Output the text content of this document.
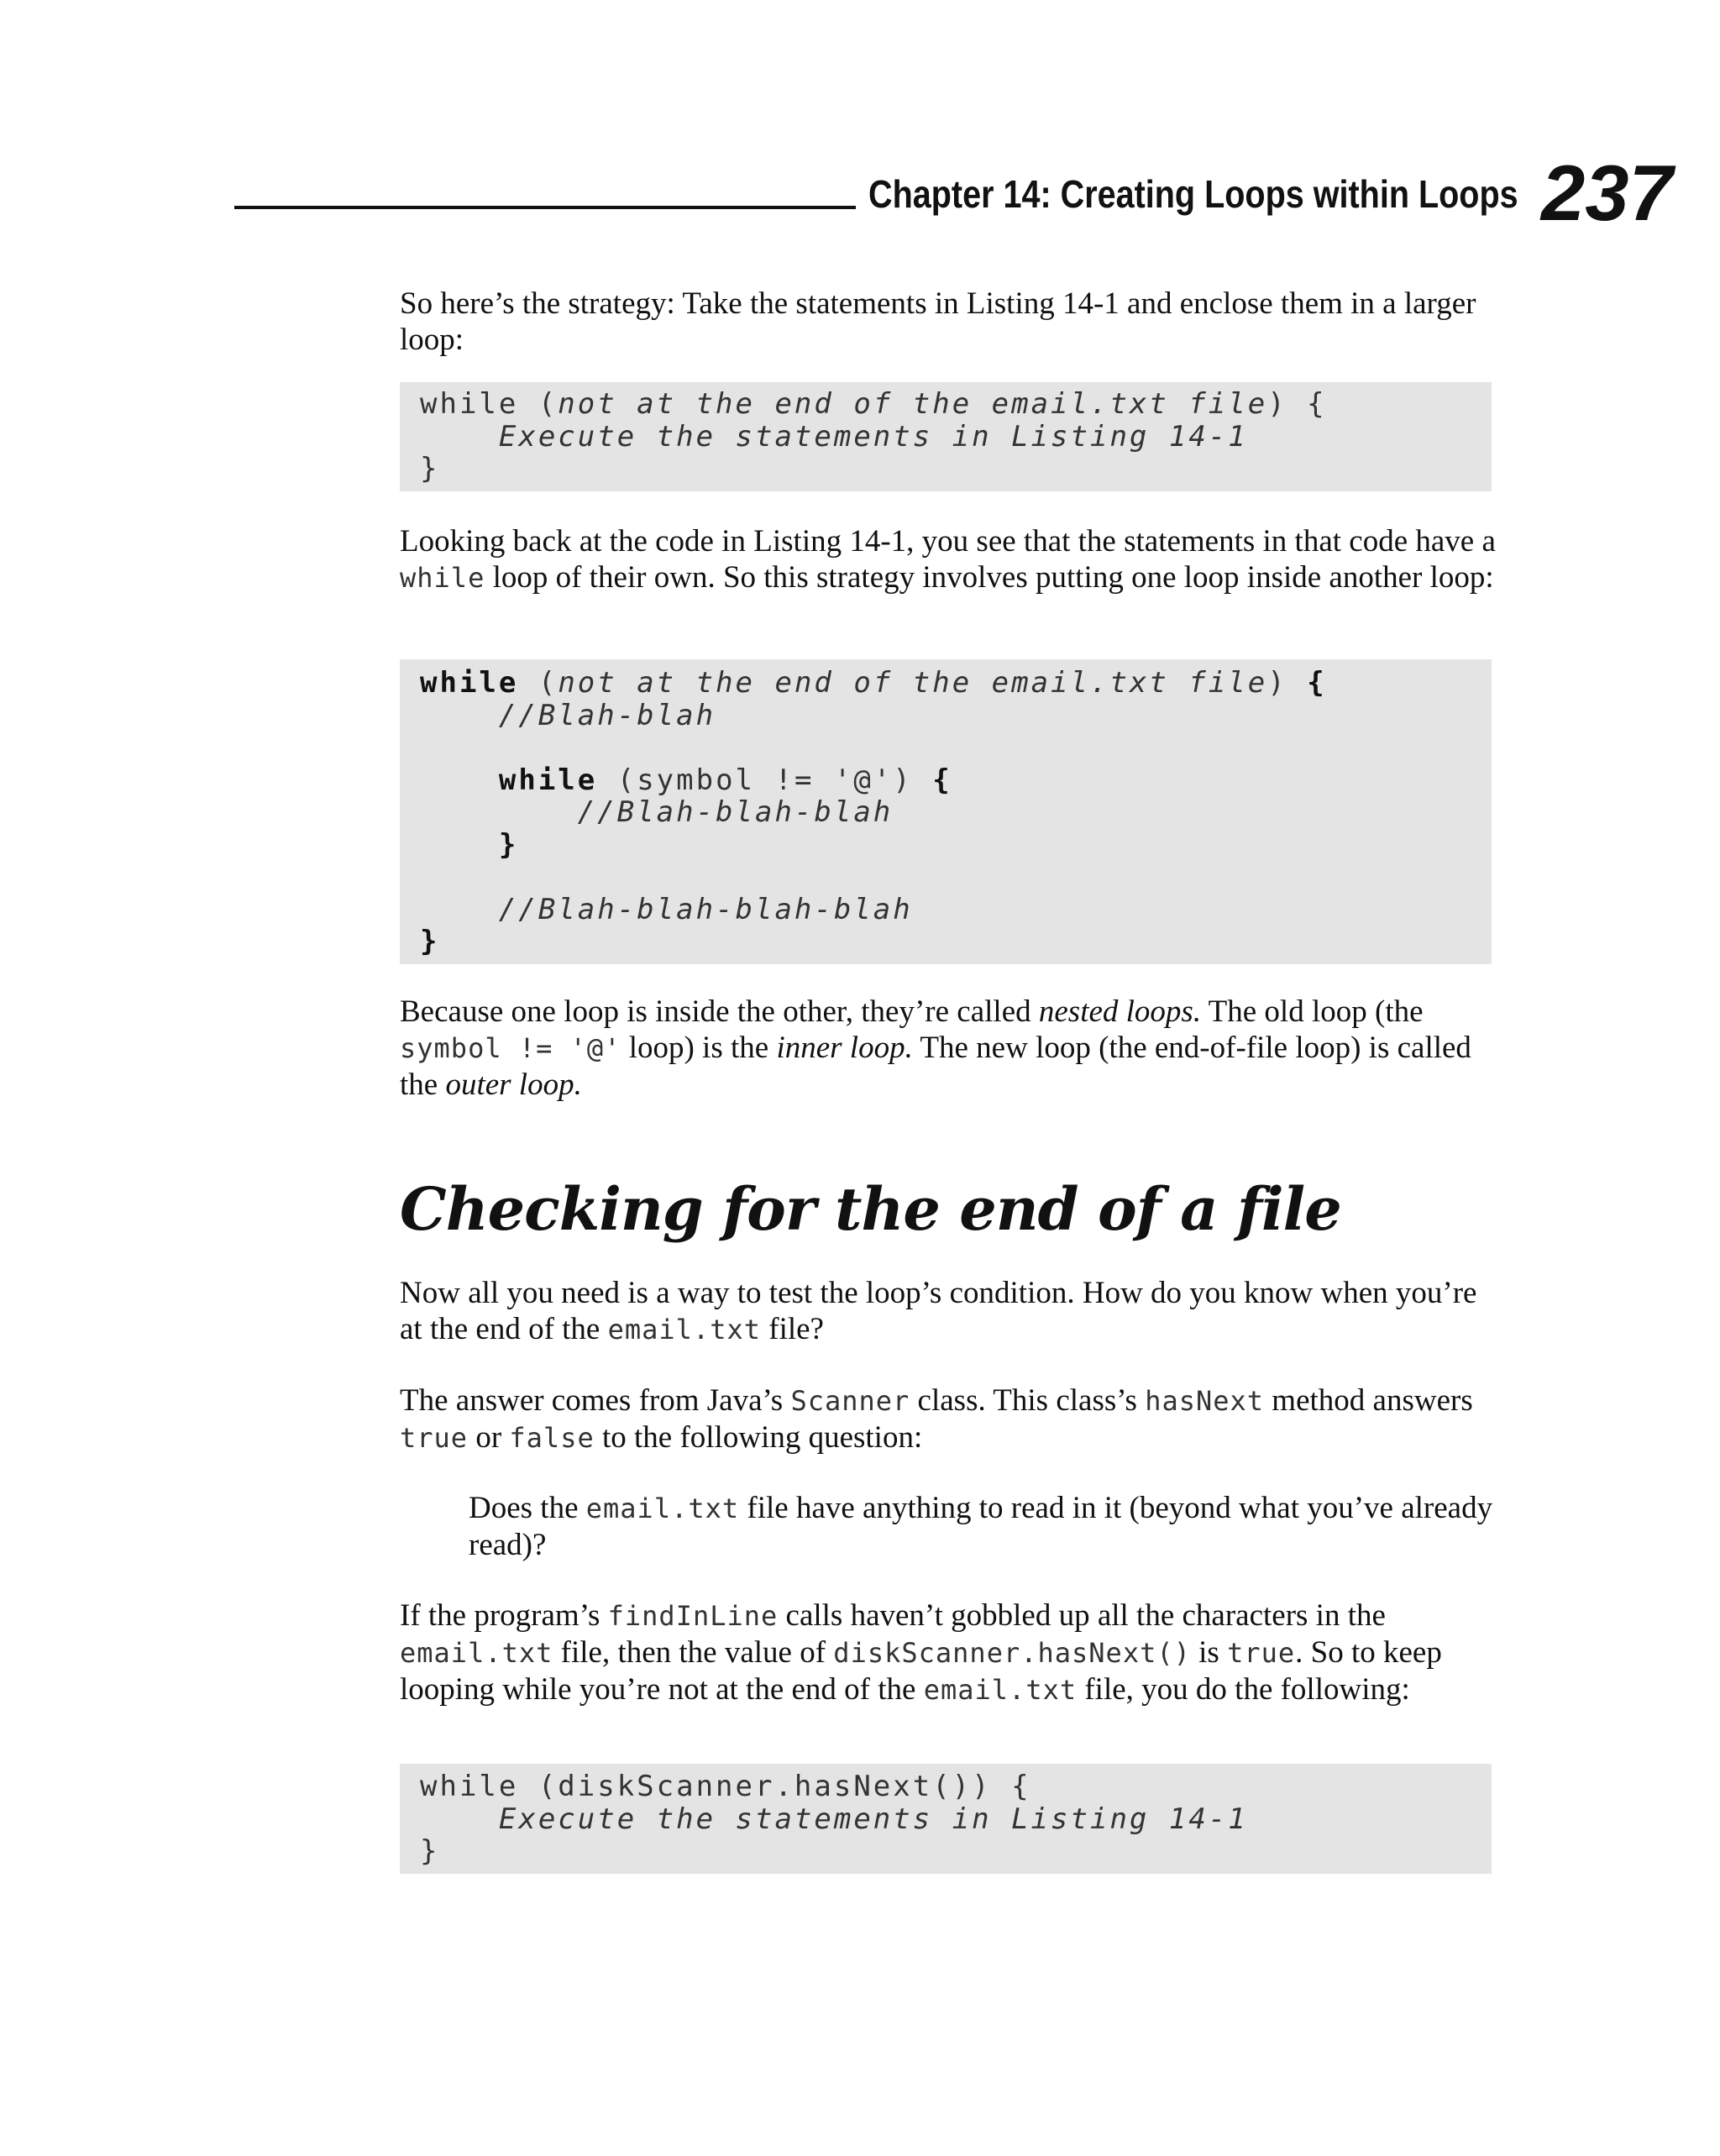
Chapter 14: Creating Loops within Loops 237

So here’s the strategy: Take the statements in Listing 14-1 and enclose them in a larger loop:

while (not at the end of the email.txt file) {
Execute the statements in Listing 14-1
}

Looking back at the code in Listing 14-1, you see that the statements in that code have a while loop of their own. So this strategy involves putting one loop inside another loop:

while (not at the end of the email.txt file) {
//Blah-blah
while (symbol != '@') {
//Blah-blah-blah
}
//Blah-blah-blah-blah
}

Because one loop is inside the other, they’re called nested loops. The old loop (the symbol != '@' loop) is the inner loop. The new loop (the end-of-file loop) is called the outer loop.

Checking for the end of a file

Now all you need is a way to test the loop’s condition. How do you know when you’re at the end of the email.txt file?

The answer comes from Java’s Scanner class. This class’s hasNext method answers true or false to the following question:

Does the email.txt file have anything to read in it (beyond what you’ve already read)?

If the program’s findInLine calls haven’t gobbled up all the characters in the email.txt file, then the value of diskScanner.hasNext() is true. So to keep looping while you’re not at the end of the email.txt file, you do the following:

while (diskScanner.hasNext()) {
Execute the statements in Listing 14-1
}
